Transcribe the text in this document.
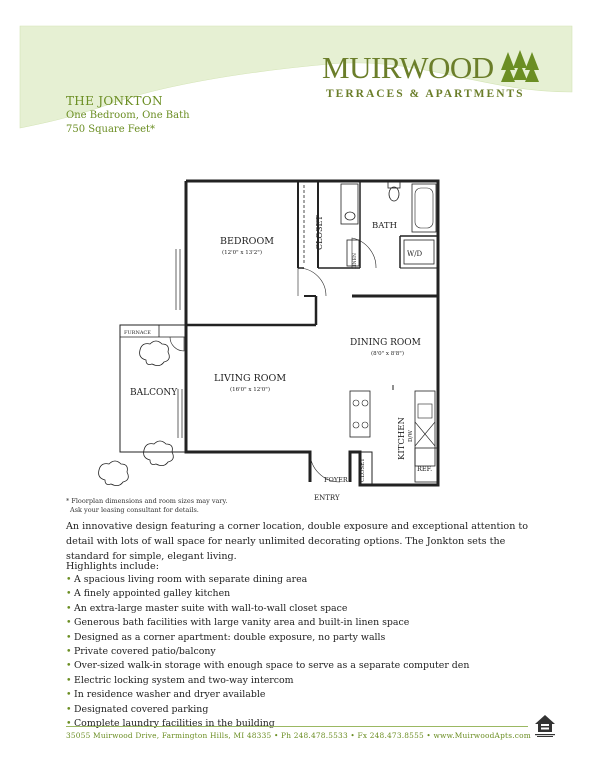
MUIRWOOD
TERRACES & APARTMENTS
THE JONKTON
One Bedroom, One Bath
750 Square Feet*
BEDROOM
(12'0" x 13'2")
CLOSET	BATH
LINEN	W/D
FURNACE
BALCONY
LIVING ROOM
(16'0" x 12'0")
DINING ROOM
(8'0" x 8'8")
KITCHEN D/W
REF.
CLOSET
FOYER
ENTRY
* Floorplan dimensions and room sizes may vary.
Ask your leasing consultant for details.
An innovative design featuring a corner location, double exposure and exceptional attention to detail with lots of wall space for nearly unlimited decorating options. The Jonkton sets the standard for simple, elegant living.
Highlights include:
• A spacious living room with separate dining area
• A finely appointed galley kitchen
• An extra-large master suite with wall-to-wall closet space
• Generous bath facilities with large vanity area and built-in linen space
• Designed as a corner apartment: double exposure, no party walls
• Private covered patio/balcony
• Over-sized walk-in storage with enough space to serve as a separate computer den
• Electric locking system and two-way intercom
• In residence washer and dryer available
• Designated covered parking
• Complete laundry facilities in the building
35055 Muirwood Drive, Farmington Hills, MI 48335 • Ph 248.478.5533 • Fx 248.473.8555 • www.MuirwoodApts.com
